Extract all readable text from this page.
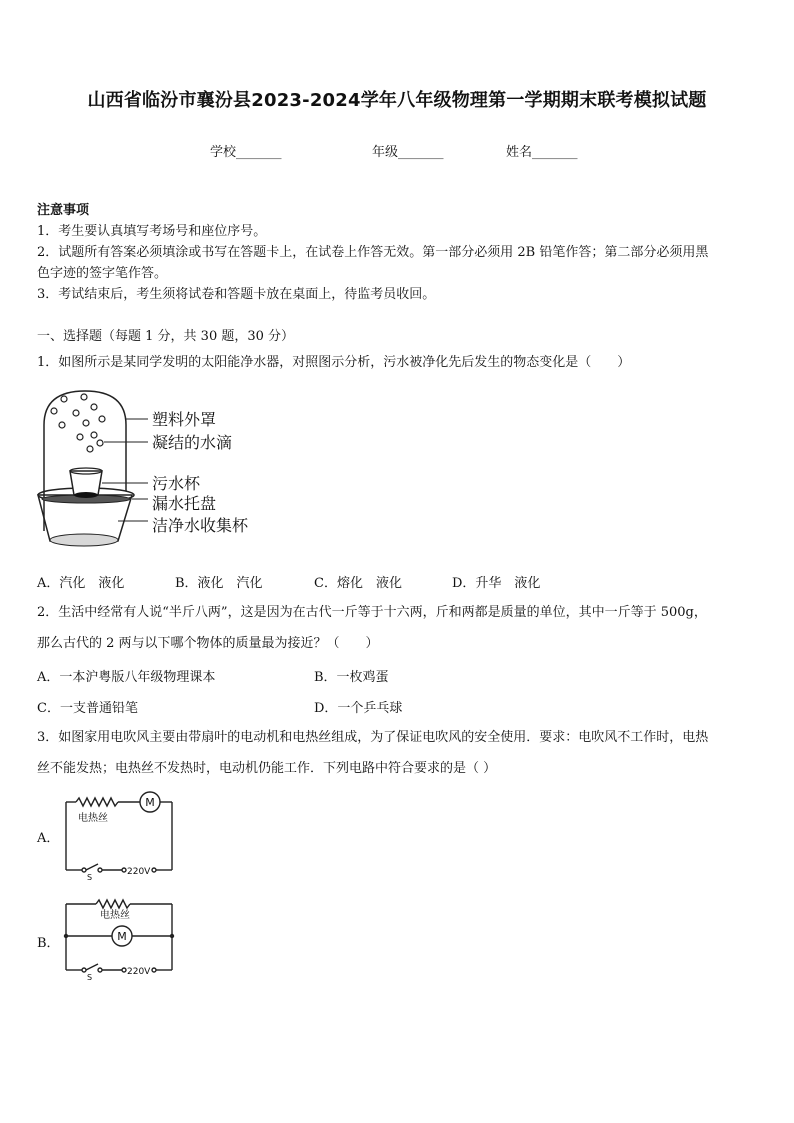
山西省临汾市襄汾县2023-2024学年八年级物理第一学期期末联考模拟试题
学校_______	年级_______	姓名_______
注意事项
1．考生要认真填写考场号和座位序号。
2．试题所有答案必须填涂或书写在答题卡上，在试卷上作答无效。第一部分必须用 2B 铅笔作答；第二部分必须用黑
色字迹的签字笔作答。
3．考试结束后，考生须将试卷和答题卡放在桌面上，待监考员收回。
一、选择题（每题 1 分，共 30 题，30 分）
1．如图所示是某同学发明的太阳能净水器，对照图示分析，污水被净化先后发生的物态变化是（　　）
塑料外罩
凝结的水滴
污水杯
漏水托盘
洁净水收集杯
A．汽化　液化	B．液化　汽化	C．熔化　液化	D．升华　液化
2．生活中经常有人说“半斤八两”，这是因为在古代一斤等于十六两，斤和两都是质量的单位，其中一斤等于 500g，
那么古代的 2 两与以下哪个物体的质量最为接近？（　　）
A．一本沪粤版八年级物理课本	B．一枚鸡蛋
C．一支普通铅笔	D．一个乒乓球
3．如图家用电吹风主要由带扇叶的电动机和电热丝组成，为了保证电吹风的安全使用．要求：电吹风不工作时，电热
丝不能发热；电热丝不发热时，电动机仍能工作．下列电路中符合要求的是（ ）
A．
M
电热丝
S
220V
B．	M
电热丝
S
220V
